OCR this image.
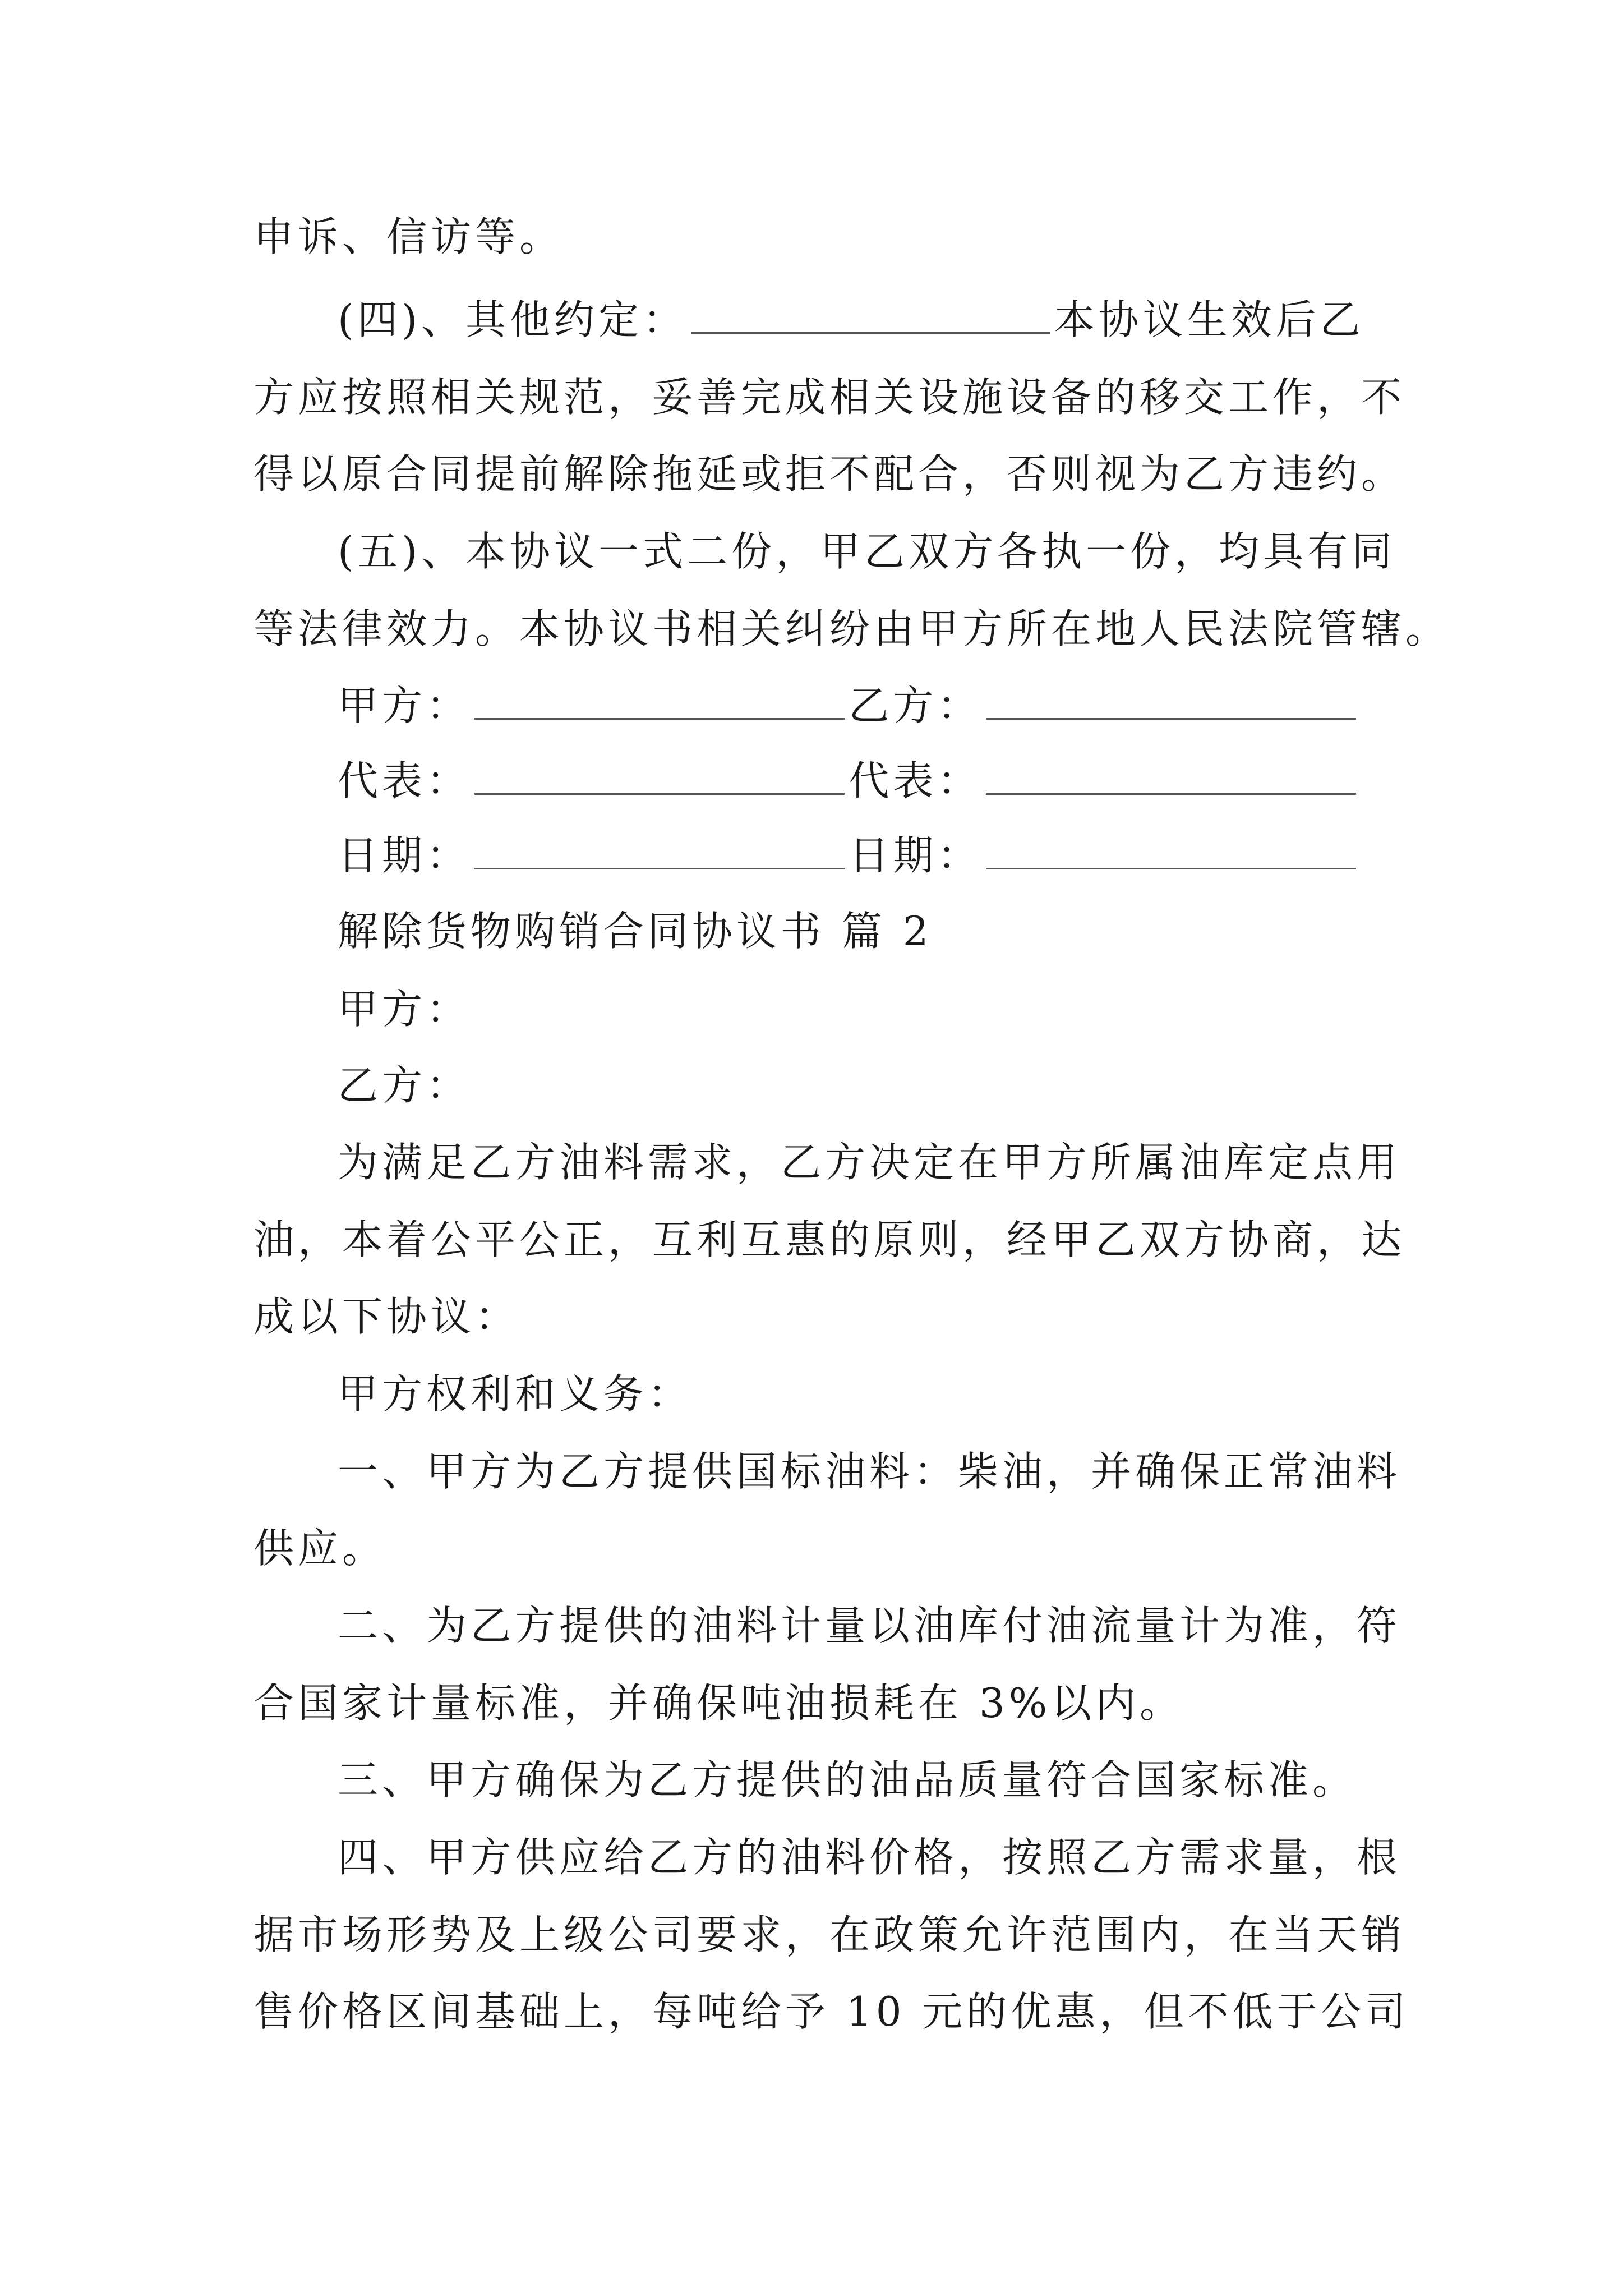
申诉、信访等。
(四)、其他约定：	本协议生效后乙
方应按照相关规范，妥善完成相关设施设备的移交工作，不
得以原合同提前解除拖延或拒不配合，否则视为乙方违约。
(五)、本协议一式二份，甲乙双方各执一份，均具有同
等法律效力。本协议书相关纠纷由甲方所在地人民法院管辖。
甲方：	乙方：
代表：	代表：
日期：	日期：
解除货物购销合同协议书 篇 2
甲方：
乙方：
为满足乙方油料需求，乙方决定在甲方所属油库定点用
油，本着公平公正，互利互惠的原则，经甲乙双方协商，达
成以下协议：
甲方权利和义务：
一、甲方为乙方提供国标油料：柴油，并确保正常油料
供应。
二、为乙方提供的油料计量以油库付油流量计为准，符
合国家计量标准，并确保吨油损耗在 3%以内。
三、甲方确保为乙方提供的油品质量符合国家标准。
四、甲方供应给乙方的油料价格，按照乙方需求量，根
据市场形势及上级公司要求，在政策允许范围内，在当天销
售价格区间基础上，每吨给予 10 元的优惠，但不低于公司
